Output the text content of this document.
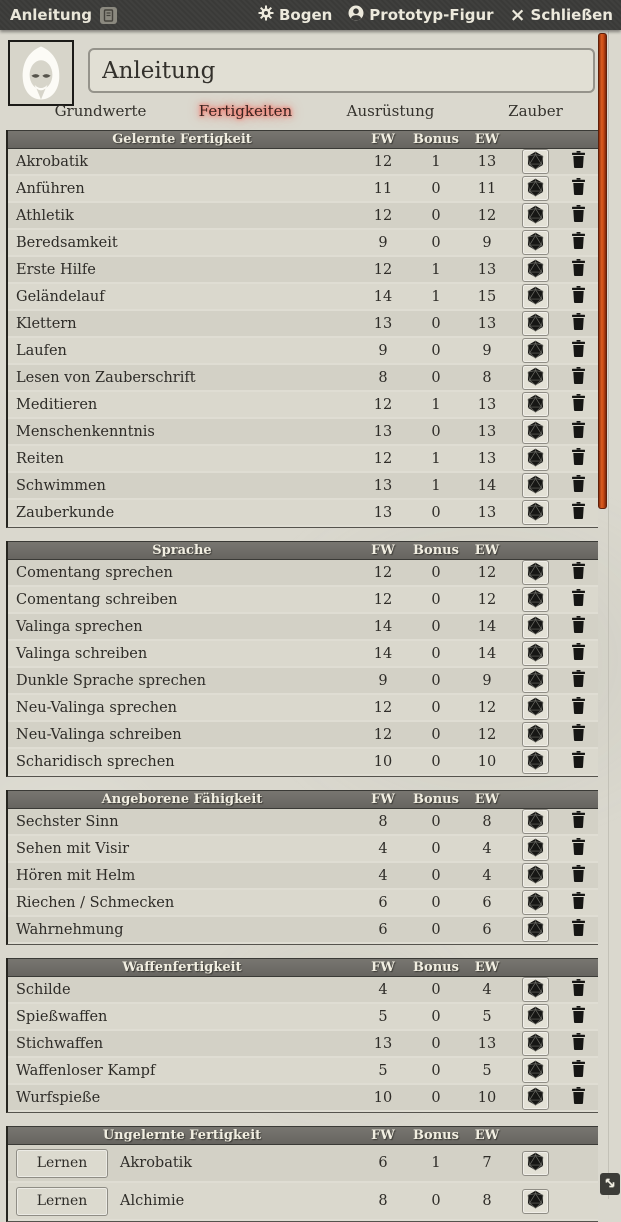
Anleitung	Bogen Prototyp-Figur × Schließen
Anleitung
Grundwerte	Fertigkeiten	Ausrüstung	Zauber
Gelernte Fertigkeit	FW	Bonus	EW
Akrobatik	12	1	13
Anführen	11	0	11
Athletik	12	0	12
Beredsamkeit	9	0	9
Erste Hilfe	12	1	13
Geländelauf	14	1	15
Klettern	13	0	13
Laufen	9	0	9
Lesen von Zauberschrift	8	0	8
Meditieren	12	1	13
Menschenkenntnis	13	0	13
Reiten	12	1	13
Schwimmen	13	1	14
Zauberkunde	13	0	13
Sprache	FW	Bonus	EW
Comentang sprechen	12	0	12
Comentang schreiben	12	0	12
Valinga sprechen	14	0	14
Valinga schreiben	14	0	14
Dunkle Sprache sprechen	9	0	9
Neu-Valinga sprechen	12	0	12
Neu-Valinga schreiben	12	0	12
Scharidisch sprechen	10	0	10
Angeborene Fähigkeit	FW	Bonus	EW
Sechster Sinn	8	0	8
Sehen mit Visir	4	0	4
Hören mit Helm	4	0	4
Riechen / Schmecken	6	0	6
Wahrnehmung	6	0	6
Waffenfertigkeit	FW	Bonus	EW
Schilde	4	0	4
Spießwaffen	5	0	5
Stichwaffen	13	0	13
Waffenloser Kampf	5	0	5
Wurfspieße	10	0	10
Ungelernte Fertigkeit	FW	Bonus	EW
Lernen	Akrobatik	6	1	7
Lernen	Alchimie	8	0	8
